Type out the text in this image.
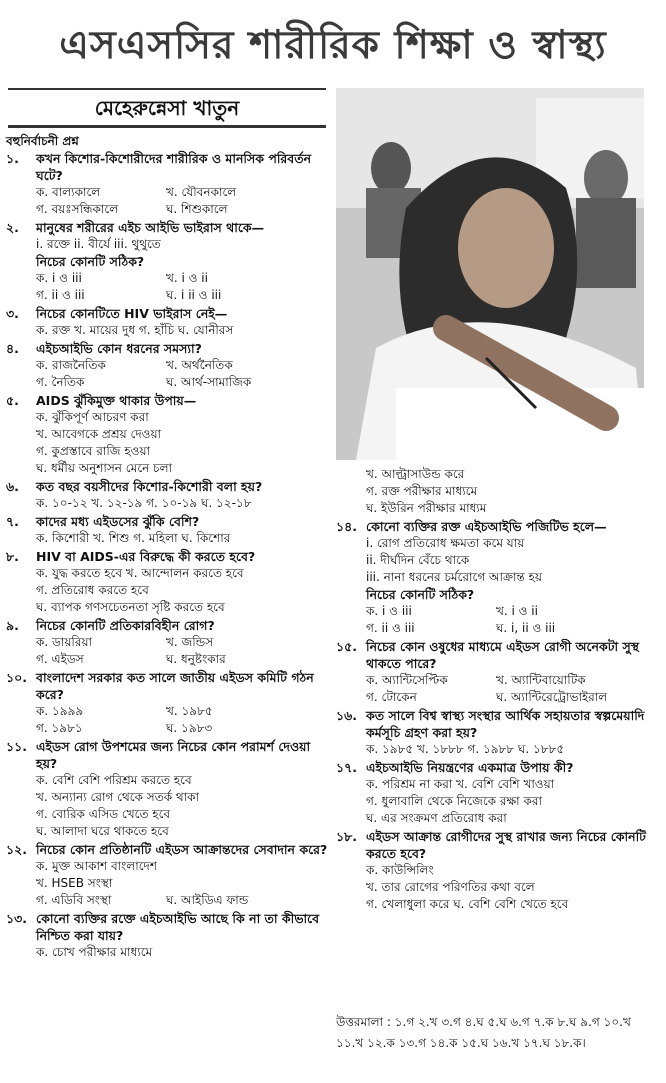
এসএসসির শারীরিক শিক্ষা ও স্বাস্থ্য
মেহেরুন্নেসা খাতুন
বহুনির্বাচনী প্রশ্ন
১.	কখন কিশোর-কিশোরীদের শারীরিক ও মানসিক পরিবর্তন ঘটে?
ক. বাল্যকালে	খ. যৌবনকালে
গ. বয়ঃসন্ধিকালে	ঘ. শিশুকালে
২.	মানুষের শরীরের এইচ আইভি ভাইরাস থাকে—
i. রক্তে ii. বীর্যে iii. থুথুতে
নিচের কোনটি সঠিক?
ক. i ও iii	খ. i ও ii
গ. ii ও iii	ঘ. i ii ও iii
৩.	নিচের কোনটিতে HIV ভাইরাস নেই—
ক. রক্ত খ. মায়ের দুধ গ. হাঁচি ঘ. যোনীরস
৪.	এইচআইভি কোন ধরনের সমস্যা?
ক. রাজনৈতিক	খ. অর্থনৈতিক
গ. নৈতিক	ঘ. আর্থ-সামাজিক
৫.	AIDS ঝুঁকিমুক্ত থাকার উপায়—
ক. ঝুঁকিপূর্ণ আচরণ করা
খ. আবেগকে প্রশ্রয় দেওয়া
গ. কুপ্রস্তাবে রাজি হওয়া
ঘ. ধর্মীয় অনুশাসন মেনে চলা
৬.	কত বছর বয়সীদের কিশোর-কিশোরী বলা হয়?
ক. ১০-১২ খ. ১২-১৯ গ. ১০-১৯ ঘ. ১২-১৮
৭.	কাদের মধ্য এইডসের ঝুঁকি বেশি?
ক. কিশোরী খ. শিশু গ. মহিলা ঘ. কিশোর
৮.	HIV বা AIDS-এর বিরুদ্ধে কী করতে হবে?
ক. যুদ্ধ করতে হবে খ. আন্দোলন করতে হবে
গ. প্রতিরোধ করতে হবে
ঘ. ব্যাপক গণসচেতনতা সৃষ্টি করতে হবে
৯.	নিচের কোনটি প্রতিকারবিহীন রোগ?
ক. ডায়রিয়া	খ. জন্ডিস
গ. এইডস	ঘ. ধনুষ্টংকার
১০. বাংলাদেশ সরকার কত সালে জাতীয় এইডস কমিটি গঠন করে?
ক. ১৯৯৯	খ. ১৯৮৫
গ. ১৯৮১	ঘ. ১৯৮৩
১১. এইডস রোগ উপশমের জন্য নিচের কোন পরামর্শ দেওয়া হয়?
ক. বেশি বেশি পরিশ্রম করতে হবে
খ. অন্যান্য রোগ থেকে সতর্ক থাকা
গ. বোরিক এসিড খেতে হবে
ঘ. আলাদা ঘরে থাকতে হবে
১২. নিচের কোন প্রতিষ্ঠানটি এইডস আক্রান্তদের সেবাদান করে?
ক. মুক্ত আকাশ বাংলাদেশ
খ. HSEB সংস্থা
গ. এডিবি সংস্থা	ঘ. আইডিএ ফান্ড
১৩. কোনো ব্যক্তির রক্তে এইচআইভি আছে কি না তা কীভাবে নিশ্চিত করা যায়?
ক. চোখ পরীক্ষার মাধ্যমে
খ. আল্ট্রাসাউন্ড করে
গ. রক্ত পরীক্ষার মাধ্যমে
ঘ. ইউরিন পরীক্ষার মাধ্যম
১৪. কোনো ব্যক্তির রক্ত এইচআইভি পজিটিভ হলে—
i. রোগ প্রতিরোধ ক্ষমতা কমে যায়
ii. দীর্ঘদিন বেঁচে থাকে
iii. নানা ধরনের চর্মরোগে আক্রান্ত হয়
নিচের কোনটি সঠিক?
ক. i ও iii	খ. i ও ii
গ. ii ও iii	ঘ. i, ii ও iii
১৫. নিচের কোন ওষুধের মাধ্যমে এইডস রোগী অনেকটা সুস্থ থাকতে পারে?
ক. অ্যান্টিসেপ্টিক	খ. অ্যান্টিবায়োটিক
গ. টোকেন	ঘ. অ্যান্টিরেট্রোভাইরাল
১৬. কত সালে বিশ্ব স্বাস্থ্য সংস্থার আর্থিক সহায়তার স্বল্পমেয়াদি কর্মসূচি গ্রহণ করা হয়?
ক. ১৯৮৫ খ. ১৮৮৮ গ. ১৯৮৮ ঘ. ১৮৮৫
১৭. এইচআইভি নিয়ন্ত্রণের একমাত্র উপায় কী?
ক. পরিশ্রম না করা খ. বেশি বেশি খাওয়া
গ. ধুলাবালি থেকে নিজেকে রক্ষা করা
ঘ. এর সংক্রমণ প্রতিরোধ করা
১৮. এইডস আক্রান্ত রোগীদের সুস্থ রাখার জন্য নিচের কোনটি করতে হবে?
ক. কাউন্সিলিং
খ. তার রোগের পরিণতির কথা বলে
গ. খেলাধুলা করে ঘ. বেশি বেশি খেতে হবে
উত্তরমালা : ১.গ ২.খ ৩.গ ৪.ঘ ৫.ঘ ৬.গ ৭.ক ৮.ঘ ৯.গ ১০.খ ১১.খ ১২.ক ১৩.গ ১৪.ক ১৫.ঘ ১৬.খ ১৭.ঘ ১৮.ক।
